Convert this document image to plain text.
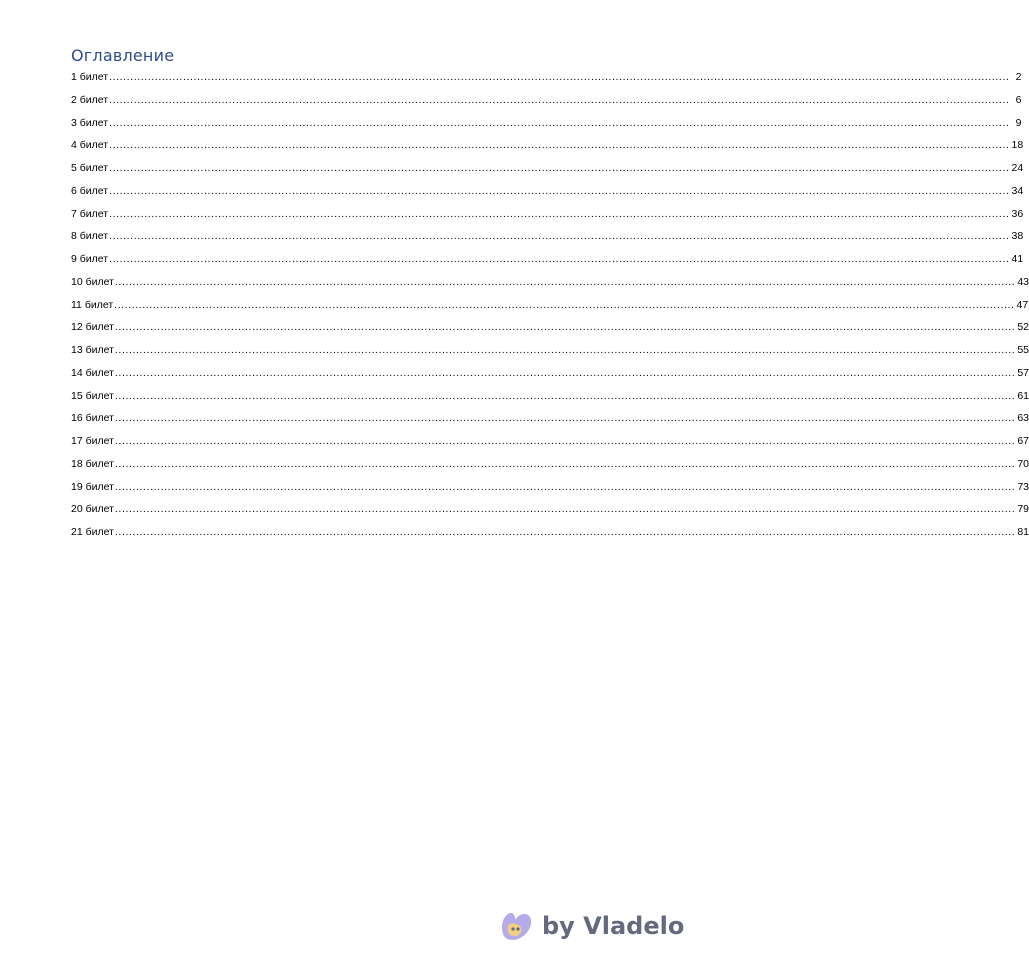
Оглавление
1 билет .....	2
2 билет .....	6
3 билет .....	9
4 билет .....	18
5 билет .....	24
6 билет .....	34
7 билет .....	36
8 билет .....	38
9 билет .....	41
10 билет .....	43
11 билет .....	47
12 билет .....	52
13 билет .....	55
14 билет .....	57
15 билет .....	61
16 билет .....	63
17 билет .....	67
18 билет .....	70
19 билет .....	73
20 билет .....	79
21 билет .....	81
by Vladelo
